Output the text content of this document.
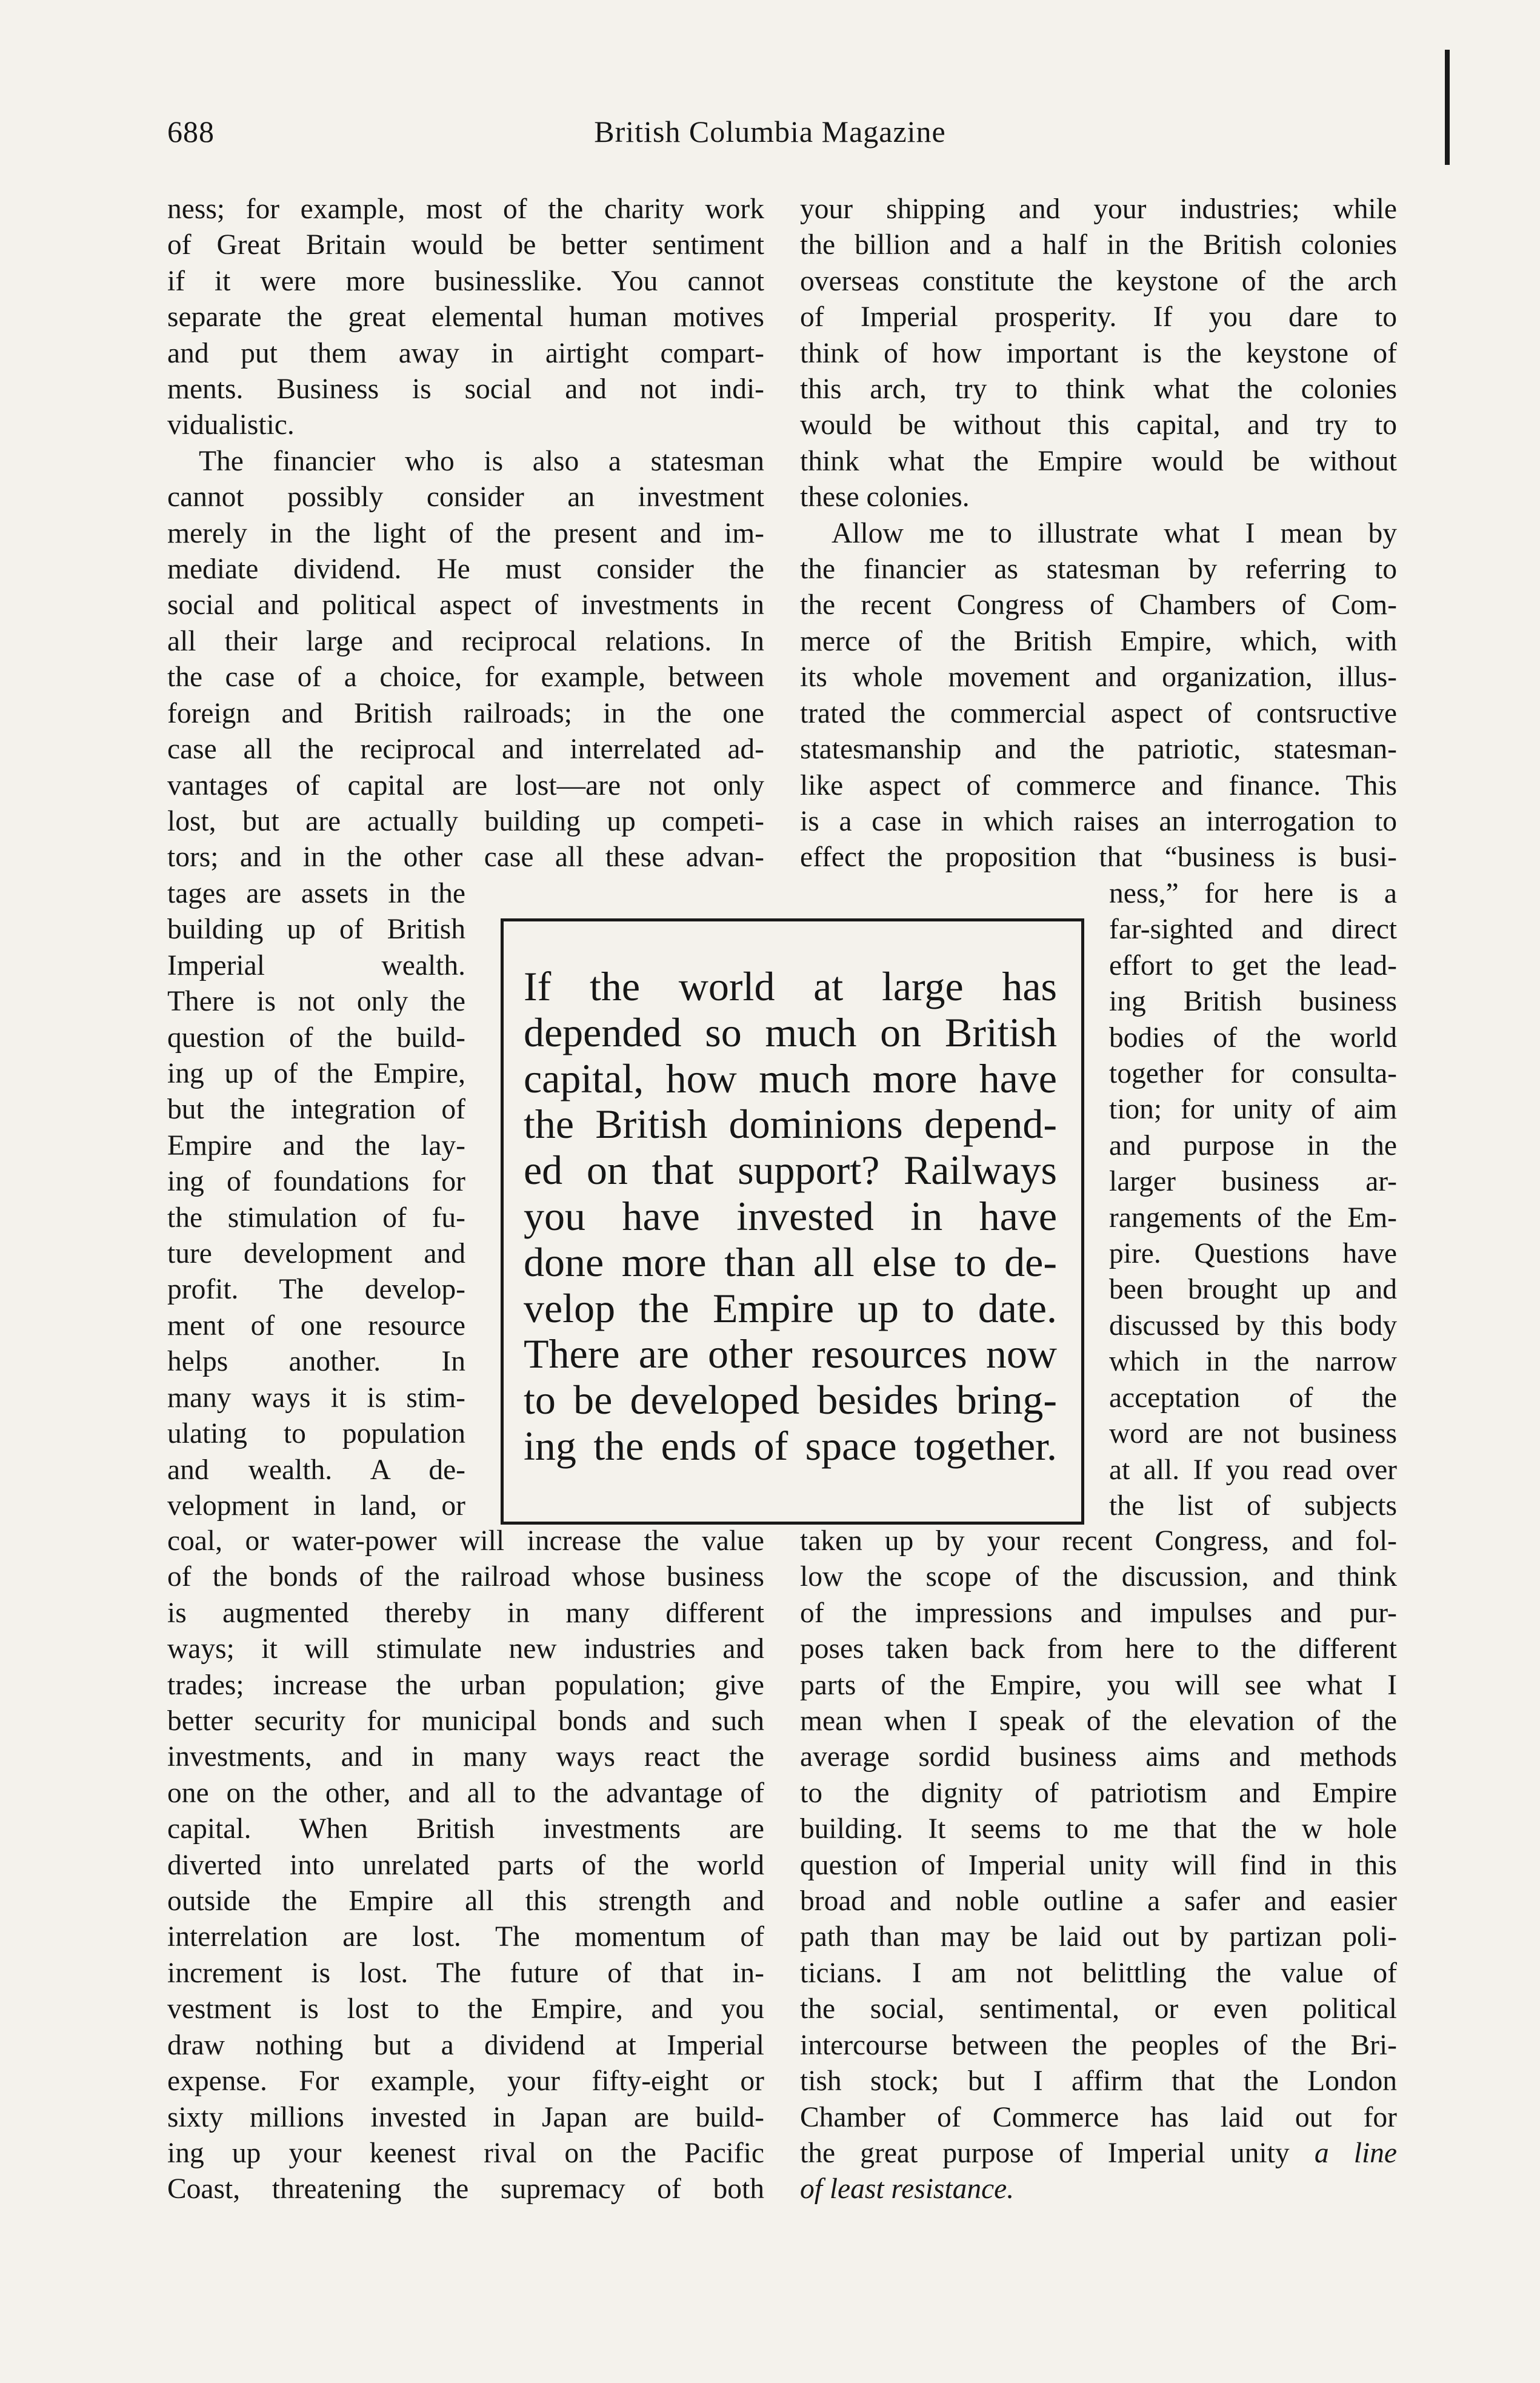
688	British Columbia Magazine
ness; for example, most of the charity work
of Great Britain would be better sentiment
if it were more businesslike. You cannot
separate the great elemental human motives
and put them away in airtight compart-
ments. Business is social and not indi-
vidualistic.
The financier who is also a statesman
cannot possibly consider an investment
merely in the light of the present and im-
mediate dividend. He must consider the
social and political aspect of investments in
all their large and reciprocal relations. In
the case of a choice, for example, between
foreign and British railroads; in the one
case all the reciprocal and interrelated ad-
vantages of capital are lost—are not only
lost, but are actually building up competi-
tors; and in the other case all these advan-
tages are assets in the
building up of British
Imperial wealth.
There is not only the
question of the build-
ing up of the Empire,
but the integration of
Empire and the lay-
ing of foundations for
the stimulation of fu-
ture development and
profit. The develop-
ment of one resource
helps another. In
many ways it is stim-
ulating to population
and wealth. A de-
velopment in land, or
coal, or water-power will increase the value
of the bonds of the railroad whose business
is augmented thereby in many different
ways; it will stimulate new industries and
trades; increase the urban population; give
better security for municipal bonds and such
investments, and in many ways react the
one on the other, and all to the advantage of
capital. When British investments are
diverted into unrelated parts of the world
outside the Empire all this strength and
interrelation are lost. The momentum of
increment is lost. The future of that in-
vestment is lost to the Empire, and you
draw nothing but a dividend at Imperial
expense. For example, your fifty-eight or
sixty millions invested in Japan are build-
ing up your keenest rival on the Pacific
Coast, threatening the supremacy of both
your shipping and your industries; while
the billion and a half in the British colonies
overseas constitute the keystone of the arch
of Imperial prosperity. If you dare to
think of how important is the keystone of
this arch, try to think what the colonies
would be without this capital, and try to
think what the Empire would be without
these colonies.
Allow me to illustrate what I mean by
the financier as statesman by referring to
the recent Congress of Chambers of Com-
merce of the British Empire, which, with
its whole movement and organization, illus-
trated the commercial aspect of contsructive
statesmanship and the patriotic, statesman-
like aspect of commerce and finance. This
is a case in which raises an interrogation to
effect the proposition that “business is busi-
ness,” for here is a
far-sighted and direct
effort to get the lead-
ing British business
bodies of the world
together for consulta-
tion; for unity of aim
and purpose in the
larger business ar-
rangements of the Em-
pire. Questions have
been brought up and
discussed by this body
which in the narrow
acceptation of the
word are not business
at all. If you read over
the list of subjects
taken up by your recent Congress, and fol-
low the scope of the discussion, and think
of the impressions and impulses and pur-
poses taken back from here to the different
parts of the Empire, you will see what I
mean when I speak of the elevation of the
average sordid business aims and methods
to the dignity of patriotism and Empire
building. It seems to me that the w hole
question of Imperial unity will find in this
broad and noble outline a safer and easier
path than may be laid out by partizan poli-
ticians. I am not belittling the value of
the social, sentimental, or even political
intercourse between the peoples of the Bri-
tish stock; but I affirm that the London
Chamber of Commerce has laid out for
the great purpose of Imperial unity a line
of least resistance.
If the world at large has
depended so much on British
capital, how much more have
the British dominions depend-
ed on that support? Railways
you have invested in have
done more than all else to de-
velop the Empire up to date.
There are other resources now
to be developed besides bring-
ing the ends of space together.
